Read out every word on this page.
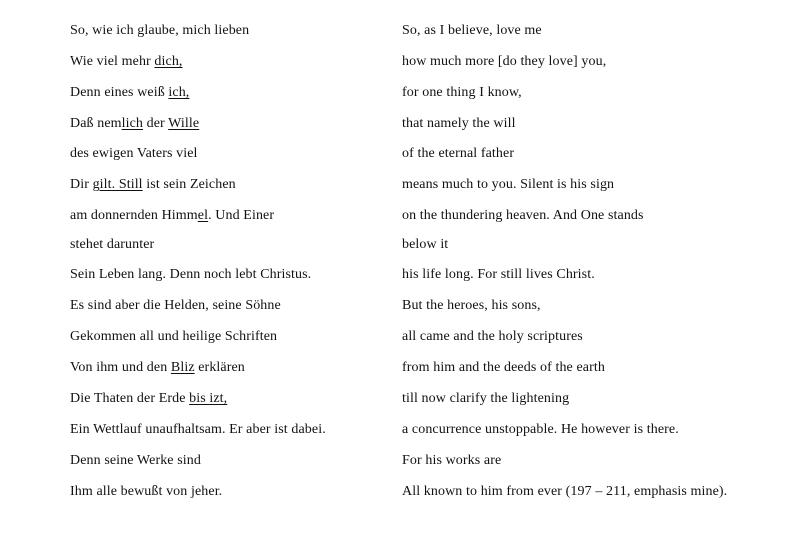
So, wie ich glaube, mich lieben
Wie viel mehr dich,
Denn eines weiß ich,
Daß nemlich der Wille
des ewigen Vaters viel
Dir gilt. Still ist sein Zeichen
am donnernden Himmel. Und Einer
stehet darunter
Sein Leben lang. Denn noch lebt Christus.
Es sind aber die Helden, seine Söhne
Gekommen all und heilige Schriften
Von ihm und den Bliz erklären
Die Thaten der Erde bis izt,
Ein Wettlauf unaufhaltsam. Er aber ist dabei.
Denn seine Werke sind
Ihm alle bewußt von jeher.
So, as I believe, love me
how much more [do they love] you,
for one thing I know,
that namely the will
of the eternal father
means much to you. Silent is his sign
on the thundering heaven. And One stands
below it
his life long. For still lives Christ.
But the heroes, his sons,
all came and the holy scriptures
from him and the deeds of the earth
till now clarify the lightening
a concurrence unstoppable. He however is there.
For his works are
All known to him from ever (197 – 211, emphasis mine).
